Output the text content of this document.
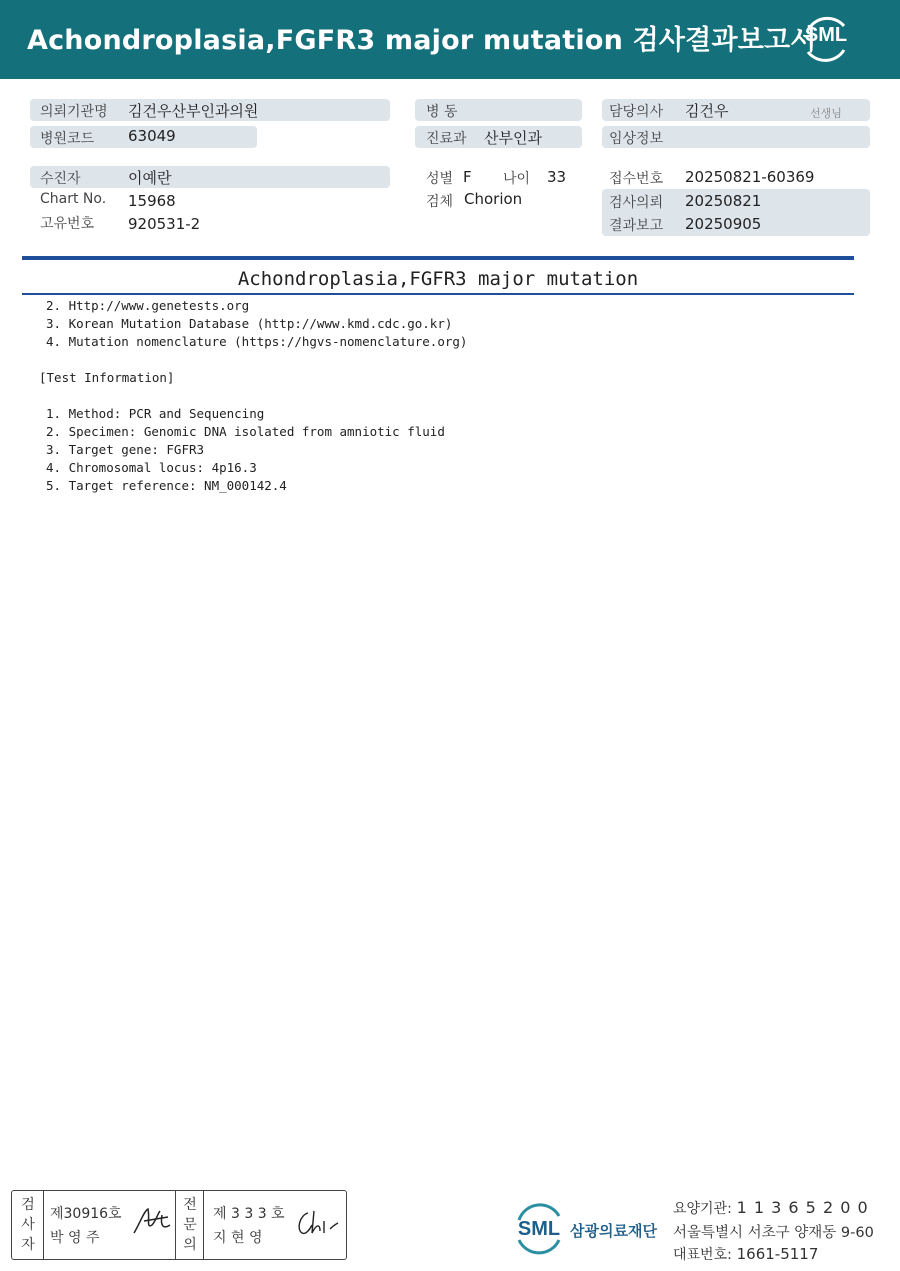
Achondroplasia,FGFR3 major mutation 검사결과보고서
SML
의뢰기관명 김건우산부인과의원
병원코드 63049
수진자	이예란
Chart No. 15968
고유번호 920531-2
병 동
진료과 산부인과
성별 F 나이 33
검체 Chorion
담당의사 김건우	선생님
임상정보
접수번호 20250821-60369
검사의뢰 20250821
결과보고 20250905
Achondroplasia,FGFR3 major mutation
2. Http://www.genetests.org
3. Korean Mutation Database (http://www.kmd.cdc.go.kr)
4. Mutation nomenclature (https://hgvs-nomenclature.org)
[Test Information]
1. Method: PCR and Sequencing
2. Specimen: Genomic DNA isolated from amniotic fluid
3. Target gene: FGFR3
4. Chromosomal locus: 4p16.3
5. Target reference: NM_000142.4
검사자
제30916호
박 영 주
전문의
제 3 3 3 호
지 현 영	SML 삼광의료재단
요양기관: 1 1 3 6 5 2 0 0
서울특별시 서초구 양재동 9-60
대표번호: 1661-5117
